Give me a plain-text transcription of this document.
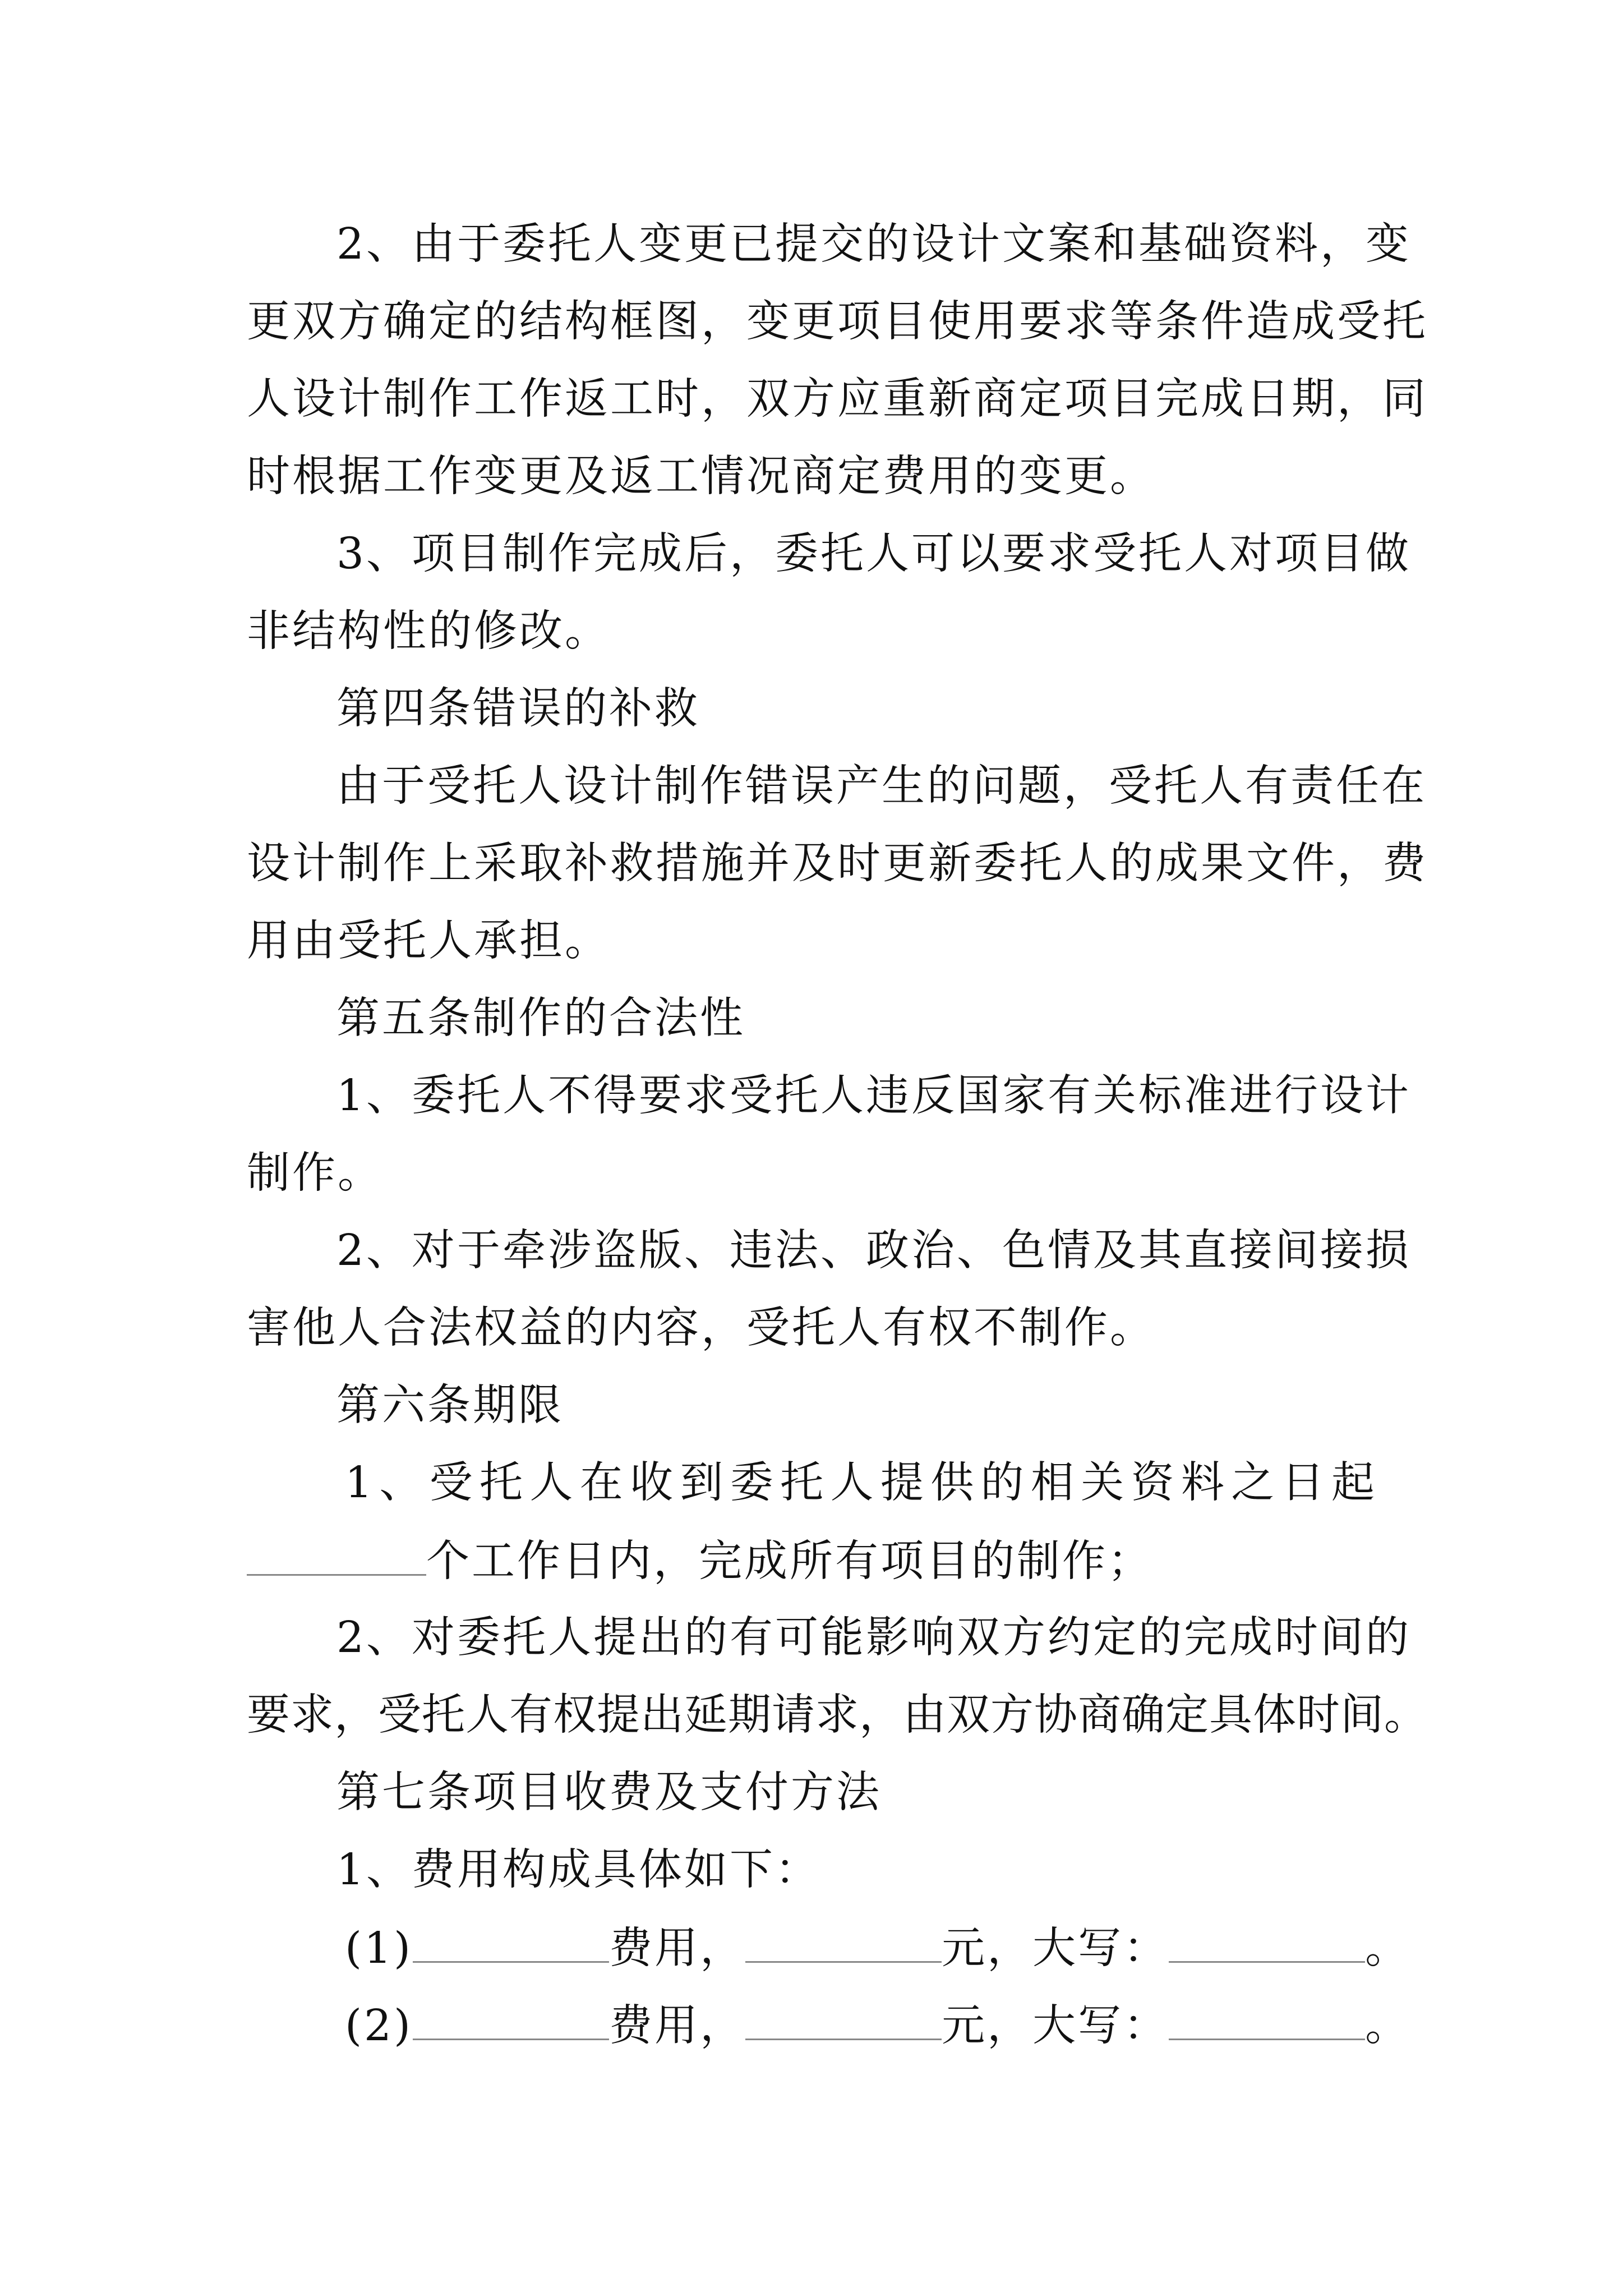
2、由于委托人变更已提交的设计文案和基础资料，变
更双方确定的结构框图，变更项目使用要求等条件造成受托
人设计制作工作返工时，双方应重新商定项目完成日期，同
时根据工作变更及返工情况商定费用的变更。
3、项目制作完成后，委托人可以要求受托人对项目做
非结构性的修改。
第四条错误的补救
由于受托人设计制作错误产生的问题，受托人有责任在
设计制作上采取补救措施并及时更新委托人的成果文件，费
用由受托人承担。
第五条制作的合法性
1、委托人不得要求受托人违反国家有关标准进行设计
制作。
2、对于牵涉盗版、违法、政治、色情及其直接间接损
害他人合法权益的内容，受托人有权不制作。
第六条期限
1、受托人在收到委托人提供的相关资料之日起
个工作日内，完成所有项目的制作；
2、对委托人提出的有可能影响双方约定的完成时间的
要求，受托人有权提出延期请求，由双方协商确定具体时间。
第七条项目收费及支付方法
1、费用构成具体如下：
(1)	费用，	元，大写：	。
(2)	费用，	元，大写：	。
